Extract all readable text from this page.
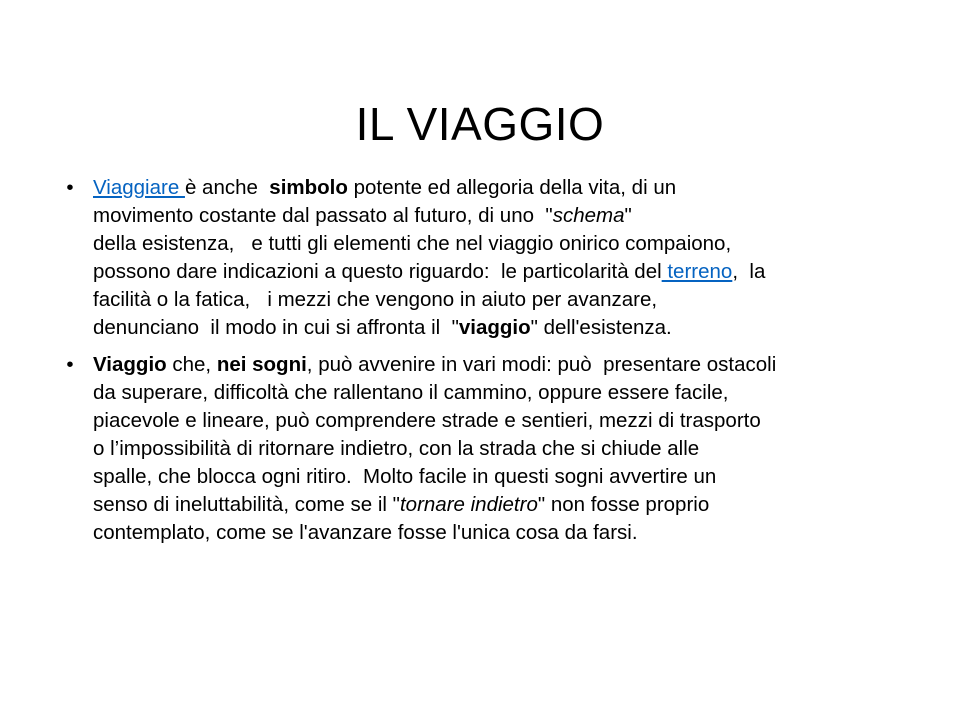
IL VIAGGIO
• Viaggiare è anche  simbolo potente ed allegoria della vita, di un
movimento costante dal passato al futuro, di uno  "schema"
della esistenza,   e tutti gli elementi che nel viaggio onirico compaiono,
possono dare indicazioni a questo riguardo:  le particolarità del terreno,  la
facilità o la fatica,   i mezzi che vengono in aiuto per avanzare,
denunciano  il modo in cui si affronta il  "viaggio" dell'esistenza.
• Viaggio che, nei sogni, può avvenire in vari modi: può  presentare ostacoli
da superare, difficoltà che rallentano il cammino, oppure essere facile,
piacevole e lineare, può comprendere strade e sentieri, mezzi di trasporto
o l’impossibilità di ritornare indietro, con la strada che si chiude alle
spalle, che blocca ogni ritiro.  Molto facile in questi sogni avvertire un
senso di ineluttabilità, come se il "tornare indietro" non fosse proprio
contemplato, come se l'avanzare fosse l'unica cosa da farsi.
